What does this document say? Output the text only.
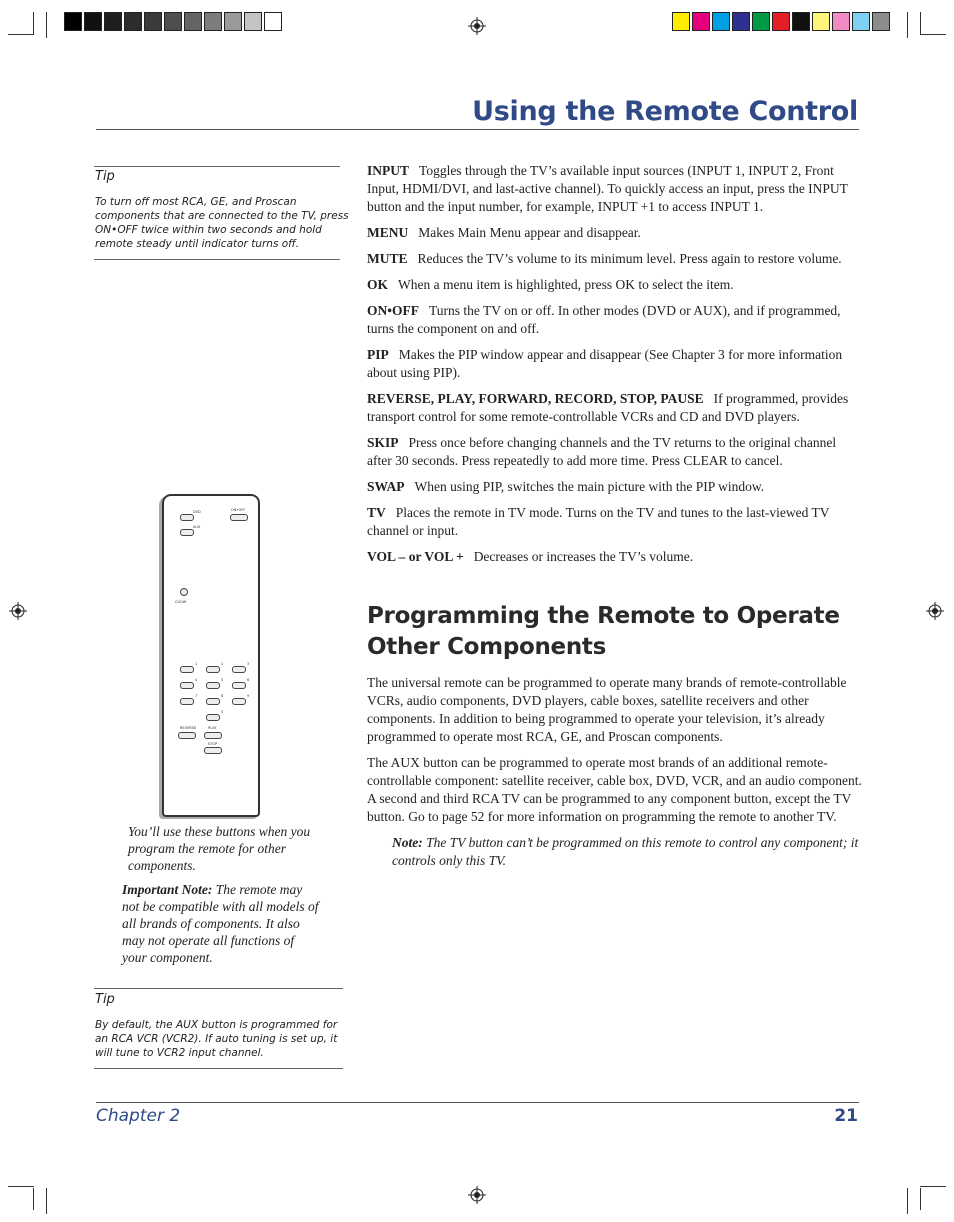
Using the Remote Control
Tip
To turn off most RCA, GE, and Proscan
components that are connected to the TV, press
ON•OFF twice within two seconds and hold
remote steady until indicator turns off.

INPUT Toggles through the TV’s available input sources (INPUT 1, INPUT 2, Front Input, HDMI/DVI, and last-active channel). To quickly access an input, press the INPUT button and the input number, for example, INPUT +1 to access INPUT 1.

MENU Makes Main Menu appear and disappear.

MUTE Reduces the TV’s volume to its minimum level. Press again to restore volume.

OK When a menu item is highlighted, press OK to select the item.

ON•OFF Turns the TV on or off. In other modes (DVD or AUX), and if programmed, turns the component on and off.

PIP Makes the PIP window appear and disappear (See Chapter 3 for more information about using PIP).

REVERSE, PLAY, FORWARD, RECORD, STOP, PAUSE If programmed, provides transport control for some remote-controllable VCRs and CD and DVD players.

SKIP Press once before changing channels and the TV returns to the original channel after 30 seconds. Press repeatedly to add more time. Press CLEAR to cancel.

SWAP When using PIP, switches the main picture with the PIP window.

TV Places the remote in TV mode. Turns on the TV and tunes to the last-viewed TV channel or input.

VOL – or VOL + Decreases or increases the TV’s volume.

Programming the Remote to Operate Other Components

The universal remote can be programmed to operate many brands of remote-controllable VCRs, audio components, DVD players, cable boxes, satellite receivers and other components. In addition to being programmed to operate your television, it’s already programmed to operate most RCA, GE, and Proscan components.

The AUX button can be programmed to operate most brands of an additional remote-controllable component: satellite receiver, cable box, DVD, VCR, and an audio component. A second and third RCA TV can be programmed to any component button, except the TV button. Go to page 52 for more information on programming the remote to another TV.

Note: The TV button can’t be programmed on this remote to control any component; it controls only this TV.

DVD
AUX
ON•OFF
CLEAR
1	2	3
4	5	6
7	8	9
0
REVERSE	PLAY
STOP
You’ll use these buttons when you program the remote for other components.
Important Note: The remote may not be compatible with all models of all brands of components. It also may not operate all functions of your component.
Tip
By default, the AUX button is programmed for
an RCA VCR (VCR2). If auto tuning is set up, it
will tune to VCR2 input channel.
Chapter 2	21
